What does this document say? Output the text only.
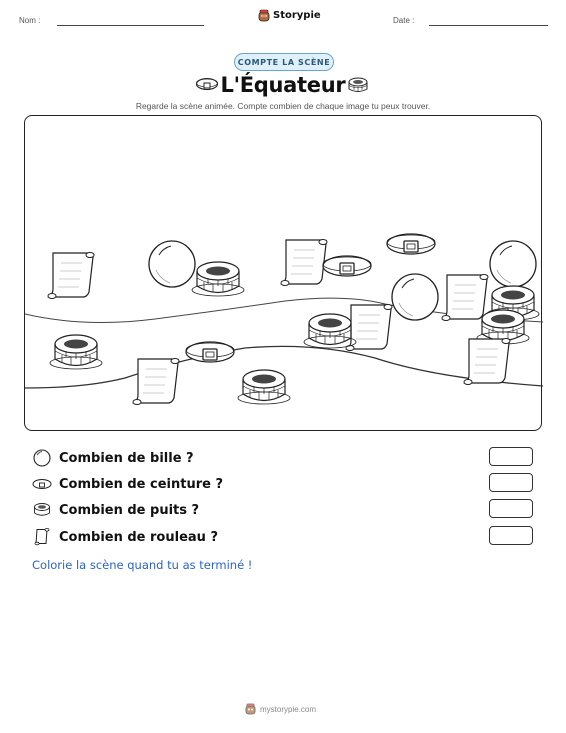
Nom :	Storypie	Date :
COMPTE LA SCÈNE
L'Équateur
Regarde la scène animée. Compte combien de chaque image tu peux trouver.
Combien de bille ?
Combien de ceinture ?
Combien de puits ?
Combien de rouleau ?
Colorie la scène quand tu as terminé !
mystorypie.com
